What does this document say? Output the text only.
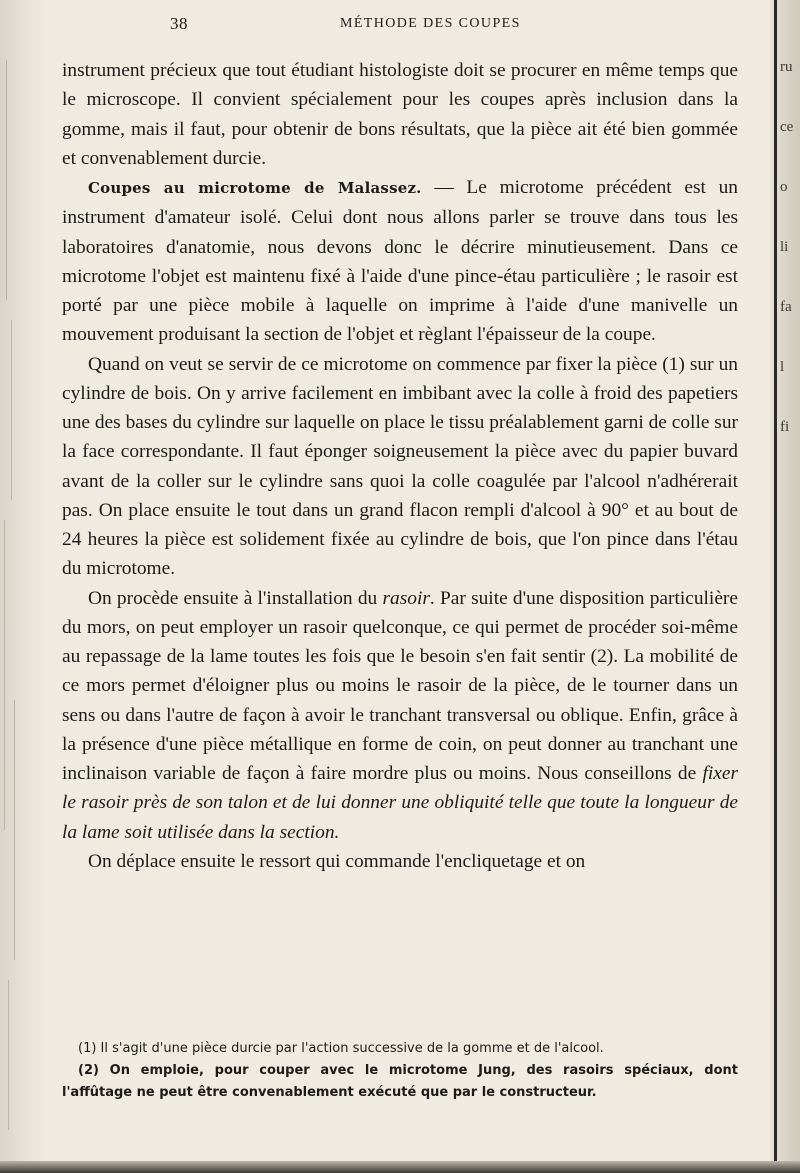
ru
ce
o
li
fa
l
fi
38	MÉTHODE DES COUPES

instrument précieux que tout étudiant histologiste doit se procurer en même temps que le microscope. Il convient spécialement pour les coupes après inclusion dans la gomme, mais il faut, pour obtenir de bons résultats, que la pièce ait été bien gommée et convenablement durcie.

Coupes au microtome de Malassez. — Le microtome précédent est un instrument d'amateur isolé. Celui dont nous allons parler se trouve dans tous les laboratoires d'anatomie, nous devons donc le décrire minutieusement. Dans ce microtome l'objet est maintenu fixé à l'aide d'une pince-étau particulière ; le rasoir est porté par une pièce mobile à laquelle on imprime à l'aide d'une manivelle un mouvement produisant la section de l'objet et règlant l'épaisseur de la coupe.

Quand on veut se servir de ce microtome on commence par fixer la pièce (1) sur un cylindre de bois. On y arrive facilement en imbibant avec la colle à froid des papetiers une des bases du cylindre sur laquelle on place le tissu préalablement garni de colle sur la face correspondante. Il faut éponger soigneusement la pièce avec du papier buvard avant de la coller sur le cylindre sans quoi la colle coagulée par l'alcool n'adhérerait pas. On place ensuite le tout dans un grand flacon rempli d'alcool à 90° et au bout de 24 heures la pièce est solidement fixée au cylindre de bois, que l'on pince dans l'étau du microtome.

On procède ensuite à l'installation du rasoir. Par suite d'une disposition particulière du mors, on peut employer un rasoir quelconque, ce qui permet de procéder soi-même au repassage de la lame toutes les fois que le besoin s'en fait sentir (2). La mobilité de ce mors permet d'éloigner plus ou moins le rasoir de la pièce, de le tourner dans un sens ou dans l'autre de façon à avoir le tranchant transversal ou oblique. Enfin, grâce à la présence d'une pièce métallique en forme de coin, on peut donner au tranchant une inclinaison variable de façon à faire mordre plus ou moins. Nous conseillons de fixer le rasoir près de son talon et de lui donner une obliquité telle que toute la longueur de la lame soit utilisée dans la section.

On déplace ensuite le ressort qui commande l'encliquetage et on

(1) Il s'agit d'une pièce durcie par l'action successive de la gomme et de l'alcool.

(2) On emploie, pour couper avec le microtome Jung, des rasoirs spéciaux, dont l'affûtage ne peut être convenablement exécuté que par le constructeur.
